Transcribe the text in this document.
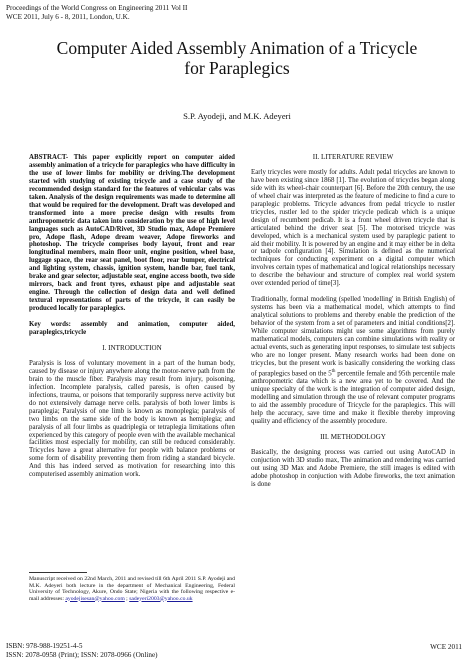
Proceedings of the World Congress on Engineering 2011 Vol II
WCE 2011, July 6 - 8, 2011, London, U.K.
Computer Aided Assembly Animation of a Tricycle
for Paraplegics
S.P. Ayodeji, and M.K. Adeyeri
ABSTRACT- This paper explicitly report on computer aided assembly animation of a tricycle for paraplegics who have difficulty in the use of lower limbs for mobility or driving.The development started with studying of existing tricycle and a case study of the recommended design standard for the features of vehicular cabs was taken. Analysis of the design requirements was made to determine all that would be required for the development. Draft was developed and transformed into a more precise design with results from anthropometric data taken into consideration by the use of high level languages such as AutoCAD/Rivet, 3D Studio max, Adope Premiere pro, Adope flash, Adope dream weaver, Adope fireworks and photoshop. The tricycle comprises body layout, front and rear longitudinal members, main floor unit, engine position, wheel base, luggage space, the rear seat panel, boot floor, rear bumper, electrical and lighting system, chassis, ignition system, handle bar, fuel tank, brake and gear selector, adjustable seat, engine access booth, two side mirrors, back and front tyres, exhaust pipe and adjustable seat engine. Through the collection of design data and well defined textural representations of parts of the tricycle, it can easily be produced locally for paraplegics.
Key words: assembly and animation, computer aided, paraplegics,tricycle
I. INTRODUCTION
Paralysis is loss of voluntary movement in a part of the human body, caused by disease or injury anywhere along the motor-nerve path from the brain to the muscle fiber. Paralysis may result from injury, poisoning, infection. Incomplete paralysis, called paresis, is often caused by infections, trauma, or poisons that temporarily suppress nerve activity but do not extensively damage nerve cells. paralysis of both lower limbs is paraplegia; Paralysis of one limb is known as monoplegia; paralysis of two limbs on the same side of the body is known as hemiplegia; and paralysis of all four limbs as quadriplegia or tetraplegia limitations often experienced by this category of people even with the available mechanical facilities most especially for mobility, can still be reduced considerably. Tricycles have a great alternative for people with balance problems or some form of disability preventing them from riding a standard bicycle. And this has indeed served as motivation for researching into this computerised assembly animation work.
II. LITERATURE REVIEW
Early tricycles were mostly for adults. Adult pedal tricycles are known to have been existing since 1868 [1]. The evolution of tricycles began along side with its wheel-chair counterpart [6]. Before the 20th century, the use of wheel chair was interpreted as the feature of medicine to find a cure to paraplegic problems. Tricycle advances from pedal tricycle to rustler tricycles, rustler led to the spider tricycle pedicab which is a unique design of recumbent pedicab. It is a front wheel driven tricycle that is articulated behind the driver seat [5]. The motorised tricycle was developed, which is a mechanical system used by paraplegic patient to aid their mobility. It is powered by an engine and it may either be in delta or tadpole configuration [4]. Simulation is defined as the numerical techniques for conducting experiment on a digital computer which involves certain types of mathematical and logical relationships necessary to describe the behaviour and structure of complex real world system over extended period of time[3].
Traditionally, formal modeling (spelled 'modelling' in British English) of systems has been via a mathematical model, which attempts to find analytical solutions to problems and thereby enable the prediction of the behavior of the system from a set of parameters and initial conditions[2]. While computer simulations might use some algorithms from purely mathematical models, computers can combine simulations with reality or actual events, such as generating input responses, to simulate test subjects who are no longer present. Many research works had been done on tricycles, but the present work is basically considering the working class of paraplegics based on the 5th percentile female and 95th percentile male anthropometric data which is a new area yet to be covered. And the unique specialty of the work is the integration of computer aided design, modelling and simulation through the use of relevant computer programs to aid the assembly procedure of Tricycle for the paraplegics. This will help the accuracy, save time and make it flexible thereby improving quality and efficiency of the assembly procedure.
III. METHODOLOGY
Basically, the designing process was carried out using AutoCAD in conjuction with 3D studio max, The animation and rendering was carried out using 3D Max and Adobe Premiere, the still images is edited with adobe photoshop in conjuction with Adobe fireworks, the text animation is done
Manuscript received on 22nd March, 2011 and revised till 6th April 2011 S.P. Ayodeji and M.K. Adeyeri both lecture in the department of Mechanical Engineering, Federal University of Technology, Akure, Ondo State; Nigeria with the following respective e-mail addresses: ayodejisesan@yahoo.com ; sadeyeri2003@yahoo.co.uk
ISBN: 978-988-19251-4-5
ISSN: 2078-0958 (Print); ISSN: 2078-0966 (Online)
WCE 2011
